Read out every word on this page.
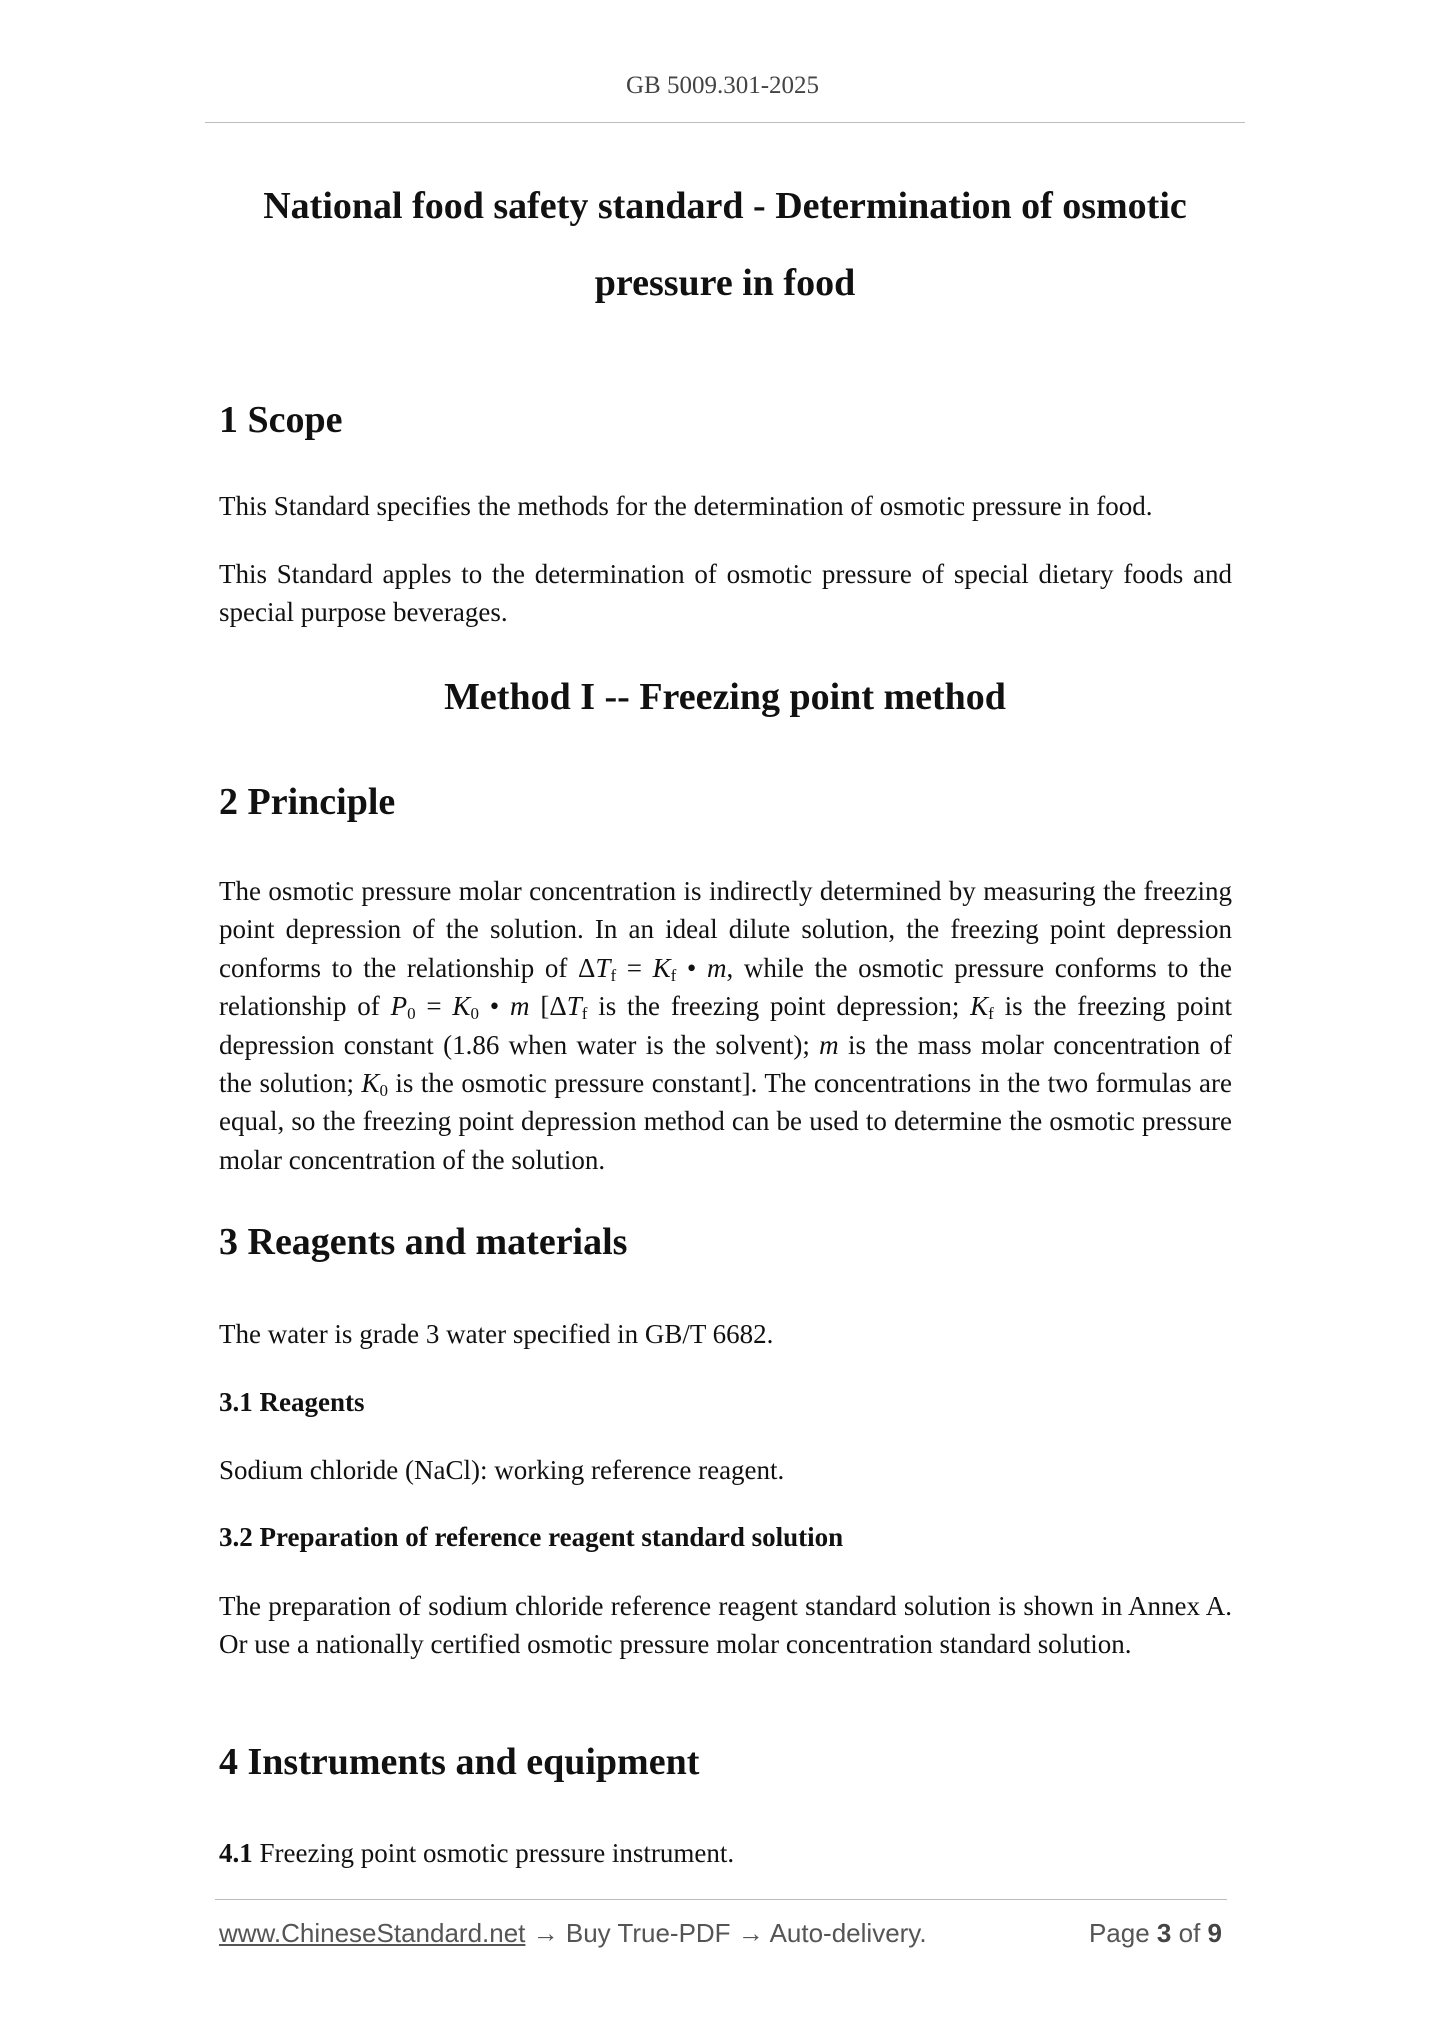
GB 5009.301-2025
National food safety standard - Determination of osmotic
pressure in food
1 Scope

This Standard specifies the methods for the determination of osmotic pressure in food.

This Standard apples to the determination of osmotic pressure of special dietary foods and special purpose beverages.

Method I -- Freezing point method
2 Principle

The osmotic pressure molar concentration is indirectly determined by measuring the freezing point depression of the solution. In an ideal dilute solution, the freezing point depression conforms to the relationship of ΔTf = Kf • m, while the osmotic pressure conforms to the relationship of P0 = K0 • m [ΔTf is the freezing point depression; Kf is the freezing point depression constant (1.86 when water is the solvent); m is the mass molar concentration of the solution; K0 is the osmotic pressure constant]. The concentrations in the two formulas are equal, so the freezing point depression method can be used to determine the osmotic pressure molar concentration of the solution.

3 Reagents and materials

The water is grade 3 water specified in GB/T 6682.

3.1 Reagents

Sodium chloride (NaCl): working reference reagent.

3.2 Preparation of reference reagent standard solution

The preparation of sodium chloride reference reagent standard solution is shown in Annex A. Or use a nationally certified osmotic pressure molar concentration standard solution.

4 Instruments and equipment

4.1 Freezing point osmotic pressure instrument.

www.ChineseStandard.net → Buy True-PDF → Auto-delivery.	Page 3 of 9
